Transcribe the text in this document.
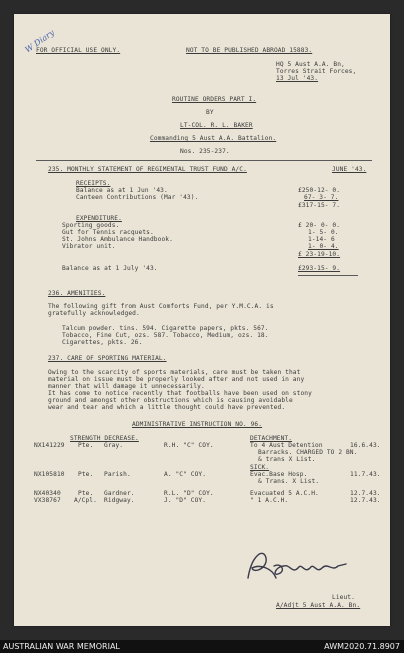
W Diary
FOR OFFICIAL USE ONLY.	NOT TO BE PUBLISHED ABROAD 15883.
HQ 5 Aust A.A. Bn,
Torres Strait Forces,
13 Jul '43.
ROUTINE ORDERS PART I.
BY
LT-COL. R. L. BAKER
Commanding 5 Aust A.A. Battalion.
Nos. 235-237.
235. MONTHLY STATEMENT OF REGIMENTAL TRUST FUND A/C.	JUNE '43.
RECEIPTS.
Balance as at 1 Jun '43.	£250-12- 0.
Canteen Contributions (Mar '43).	67- 3- 7.
£317-15- 7.
EXPENDITURE.
Sporting goods.	£ 20- 0- 0.
Gut for Tennis racquets.	1- 5- 0.
St. Johns Ambulance Handbook.	1-14- 6
Vibrator unit.	1- 0- 4.
£ 23-19-10.
Balance as at 1 July '43.	£293-15- 9.
236. AMENITIES.
The following gift from Aust Comforts Fund, per Y.M.C.A. is
gratefully acknowledged.
Talcum powder. tins. 594. Cigarette papers, pkts. 567.
Tobacco, Fine Cut, ozs. 587. Tobacco, Medium, ozs. 18.
Cigarettes, pkts. 26.
237. CARE OF SPORTING MATERIAL.
Owing to the scarcity of sports materials, care must be taken that
material on issue must be properly looked after and not used in any
manner that will damage it unnecessarily.
It has come to notice recently that footballs have been used on stony
ground and amongst other obstructions which is causing avoidable
wear and tear and which a little thought could have prevented.
ADMINISTRATIVE INSTRUCTION NO. 96.
STRENGTH DECREASE.	DETACHMENT.
NX141229 Pte. Gray.	R.H. "C" COY.	To 4 Aust Detention	16.6.43.
Barracks. CHARGED TO 2 BN.
& trans X List.
SICK.
NX105810 Pte. Parish.	A. "C" COY.	Evac.Base Hosp.	11.7.43.
& Trans. X List.
NX40340	Pte. Gardner.	R.L. "D" COY.	Evacuated 5 A.C.H.	12.7.43.
VX38767 A/Cpl. Ridgway.	J. "D" COY.	" 1 A.C.H.	12.7.43.
Lieut.
A/Adjt 5 Aust A.A. Bn.
AUSTRALIAN WAR MEMORIAL	AWM2020.71.8907
